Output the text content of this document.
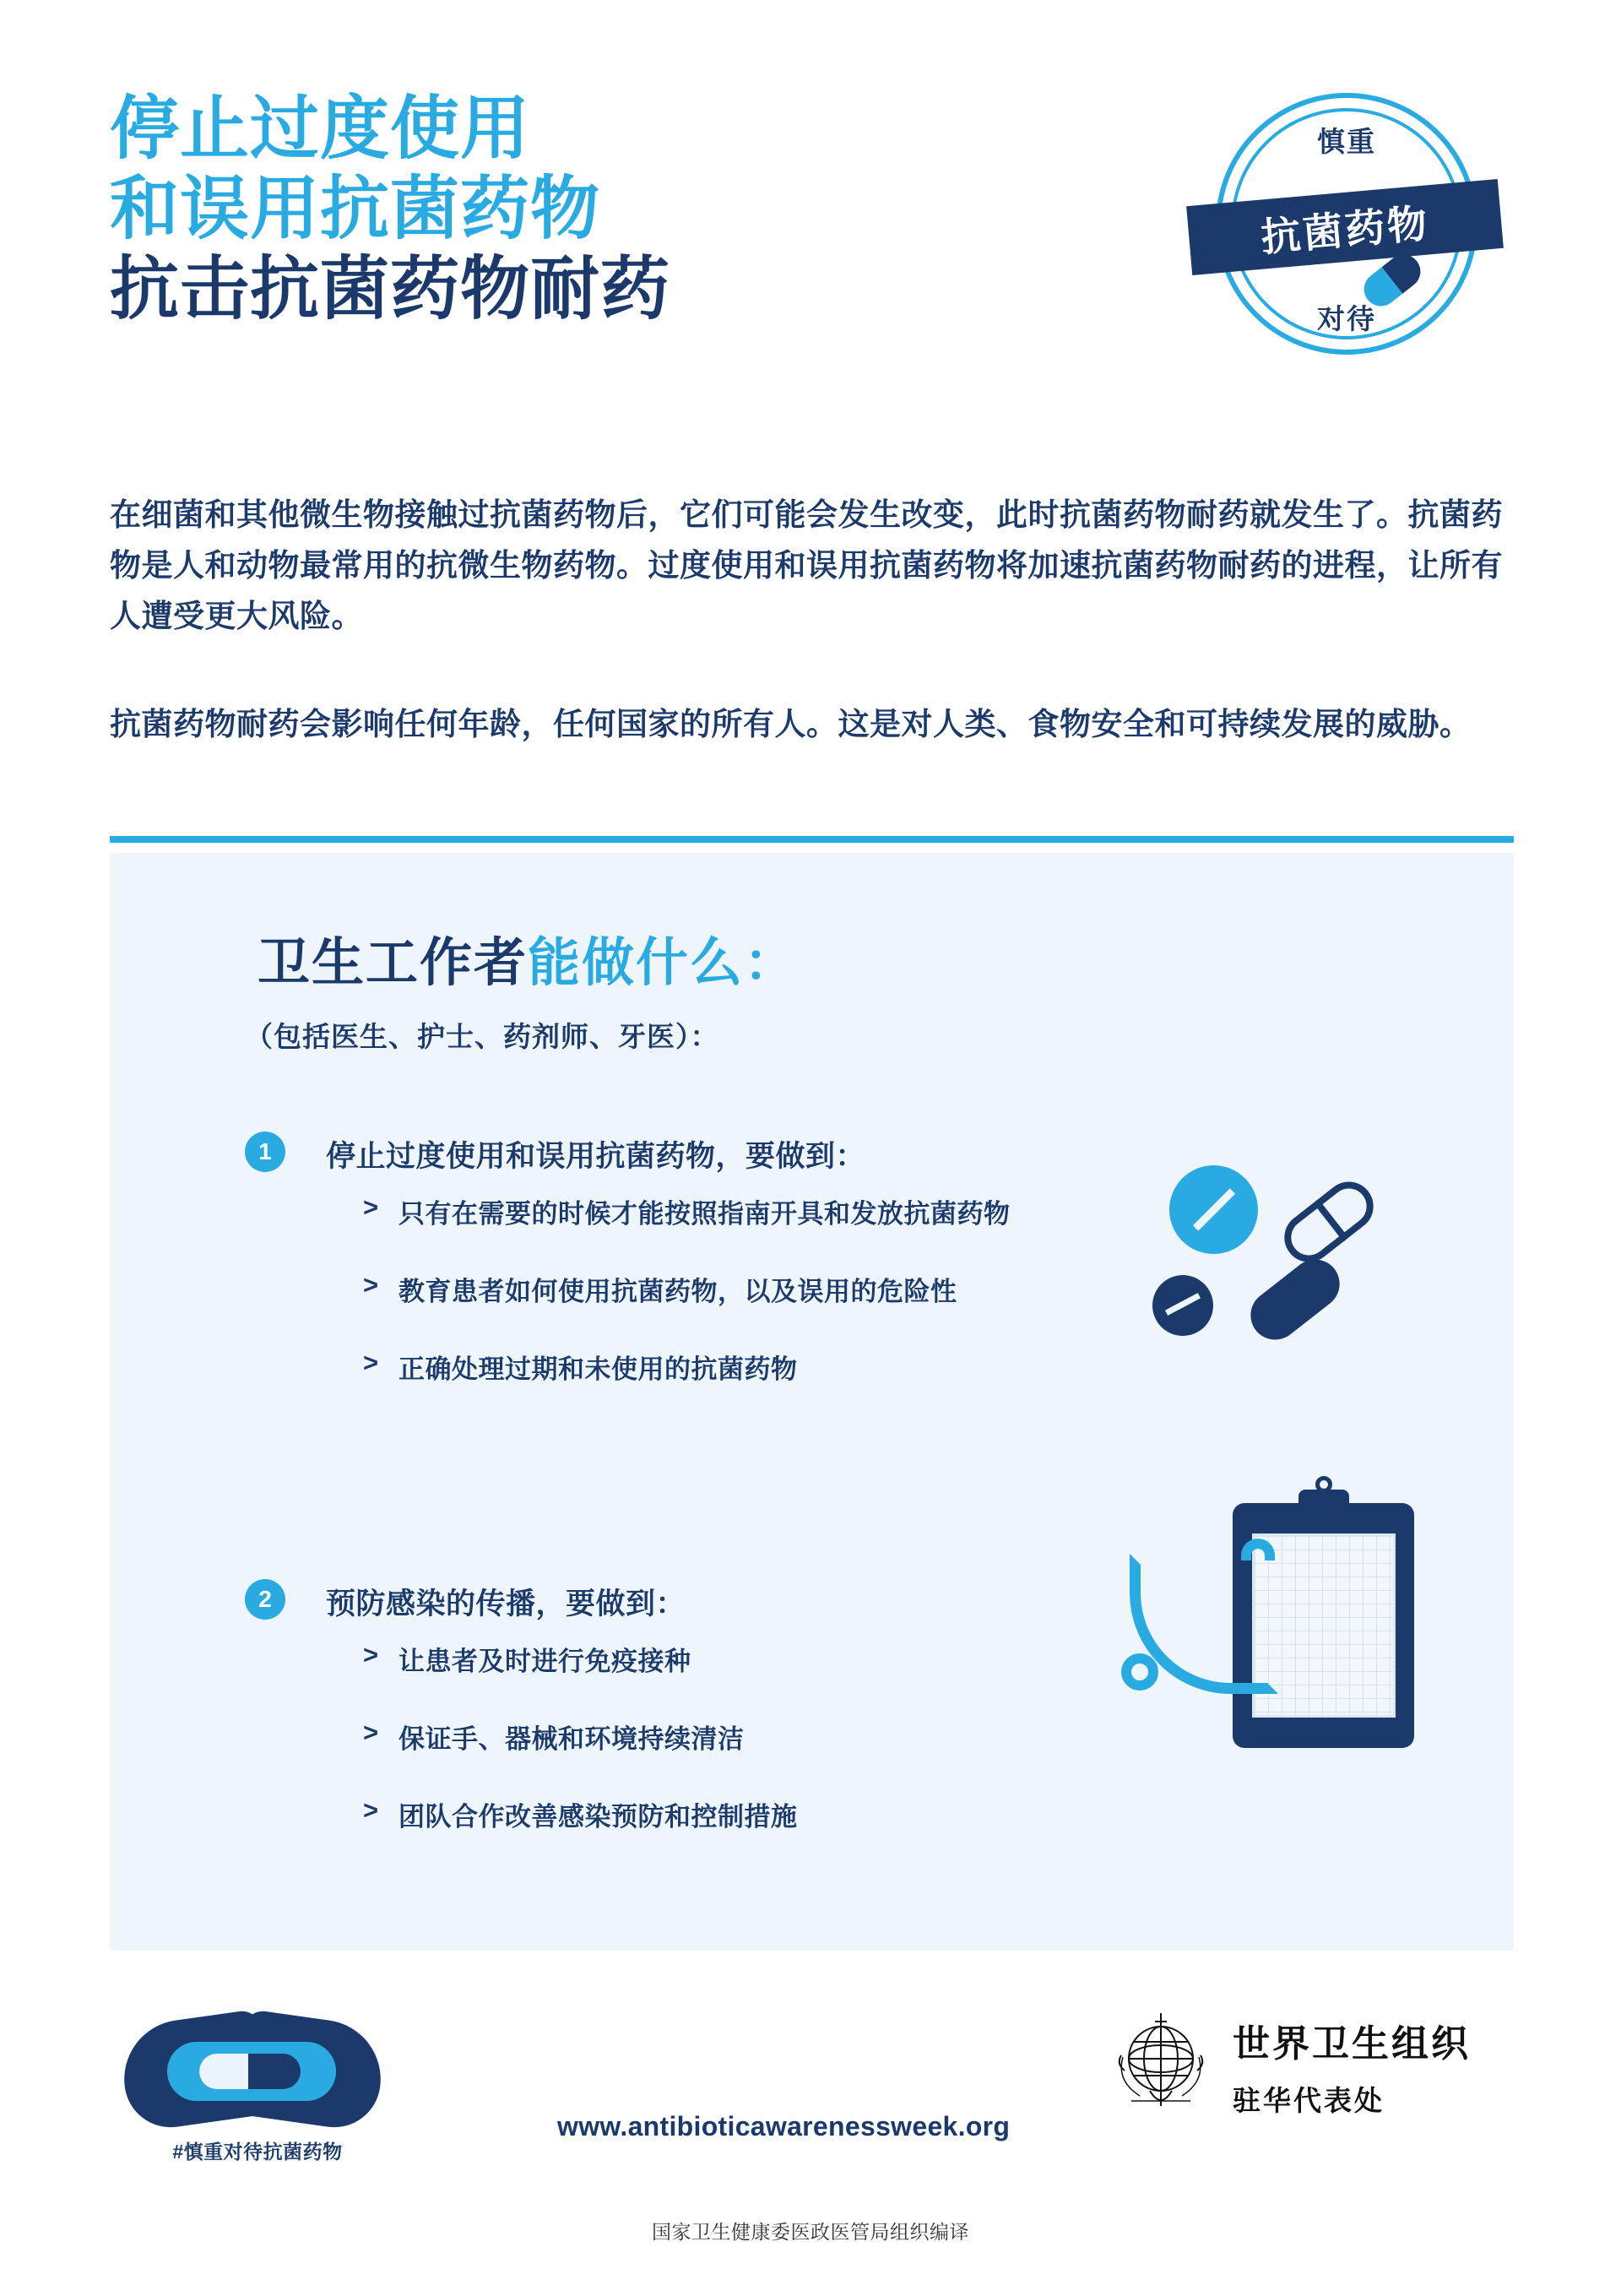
停止过度使用
和误用抗菌药物
抗击抗菌药物耐药
慎重
对待
抗菌药物
在细菌和其他微生物接触过抗菌药物后，它们可能会发生改变，此时抗菌药物耐药就发生了。抗菌药物是人和动物最常用的抗微生物药物。过度使用和误用抗菌药物将加速抗菌药物耐药的进程，让所有人遭受更大风险。
抗菌药物耐药会影响任何年龄，任何国家的所有人。这是对人类、食物安全和可持续发展的威胁。
卫生工作者能做什么：
（包括医生、护士、药剂师、牙医）：
1	停止过度使用和误用抗菌药物，要做到：
> 只有在需要的时候才能按照指南开具和发放抗菌药物
> 教育患者如何使用抗菌药物，以及误用的危险性
> 正确处理过期和未使用的抗菌药物
2	预防感染的传播，要做到：
> 让患者及时进行免疫接种
> 保证手、器械和环境持续清洁
> 团队合作改善感染预防和控制措施
#慎重对待抗菌药物
www.antibioticawarenessweek.org
世界卫生组织
驻华代表处
国家卫生健康委医政医管局组织编译
